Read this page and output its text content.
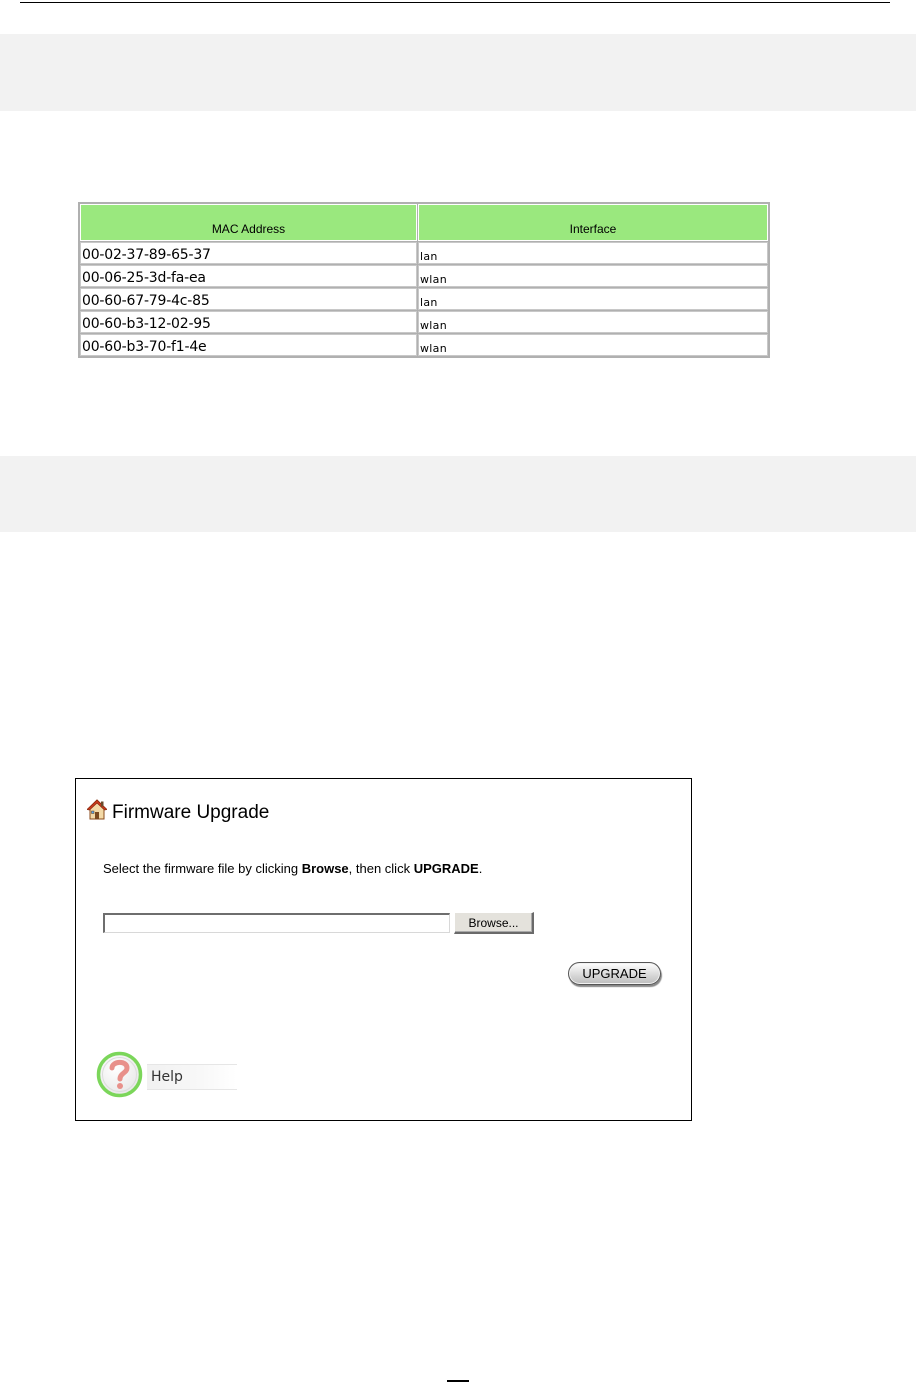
MAC Address	Interface
00-02-37-89-65-37	lan
00-06-25-3d-fa-ea	wlan
00-60-67-79-4c-85	lan
00-60-b3-12-02-95	wlan
00-60-b3-70-f1-4e	wlan
Firmware Upgrade
Select the firmware file by clicking Browse, then click UPGRADE.
Browse...
UPGRADE
Help
